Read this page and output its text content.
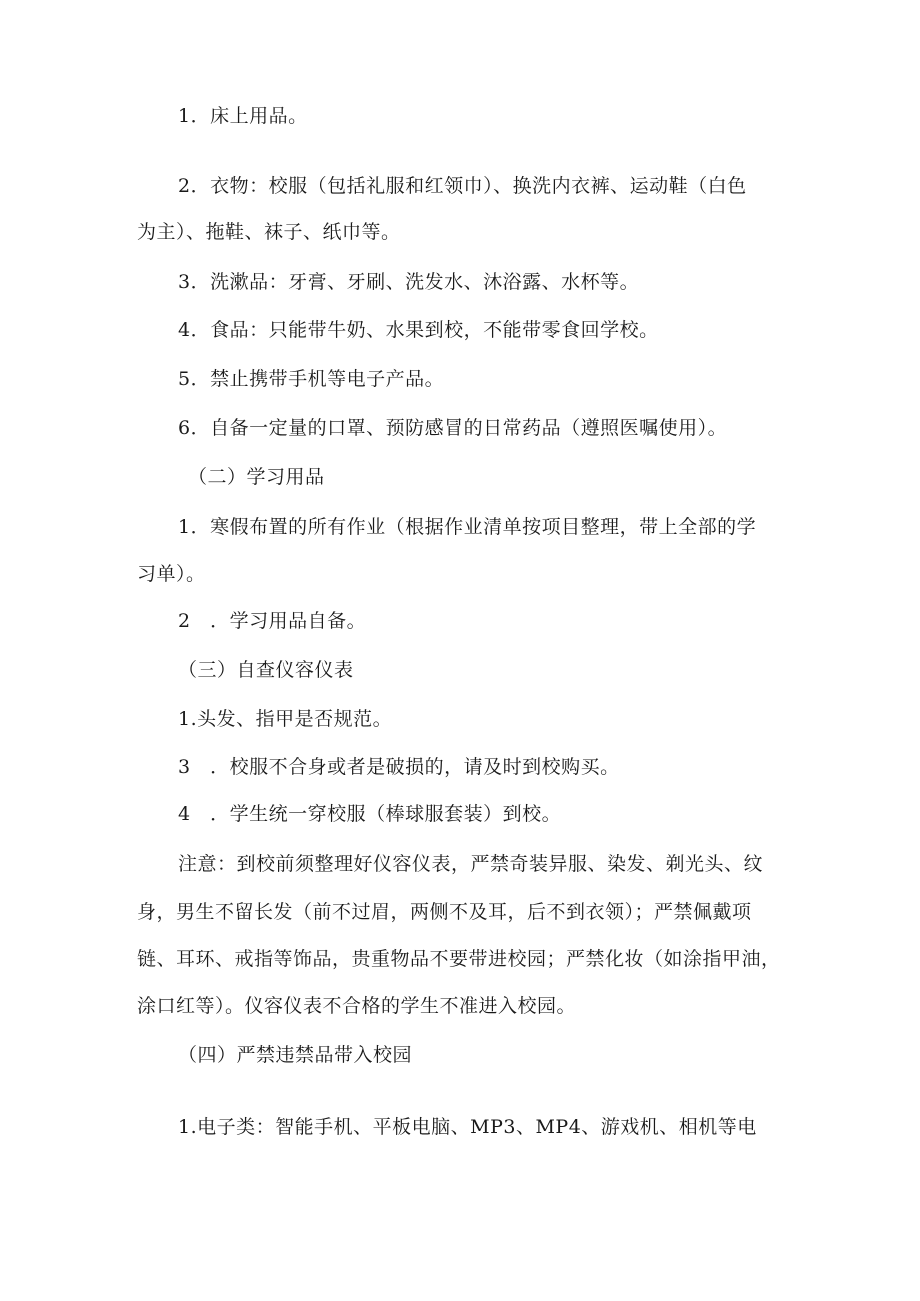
1．床上用品。
2．衣物：校服（包括礼服和红领巾）、换洗内衣裤、运动鞋（白色
为主）、拖鞋、袜子、纸巾等。
3．洗漱品：牙膏、牙刷、洗发水、沐浴露、水杯等。
4．食品：只能带牛奶、水果到校，不能带零食回学校。
5．禁止携带手机等电子产品。
6．自备一定量的口罩、预防感冒的日常药品（遵照医嘱使用）。
（二）学习用品
1．寒假布置的所有作业（根据作业清单按项目整理，带上全部的学
习单）。
2　．学习用品自备。
（三）自查仪容仪表
1.头发、指甲是否规范。
3　．校服不合身或者是破损的，请及时到校购买。
4　．学生统一穿校服（棒球服套装）到校。
注意：到校前须整理好仪容仪表，严禁奇装异服、染发、剃光头、纹
身，男生不留长发（前不过眉，两侧不及耳，后不到衣领）；严禁佩戴项
链、耳环、戒指等饰品，贵重物品不要带进校园；严禁化妆（如涂指甲油，
涂口红等）。仪容仪表不合格的学生不准进入校园。
（四）严禁违禁品带入校园
1.电子类：智能手机、平板电脑、MP3、MP4、游戏机、相机等电
